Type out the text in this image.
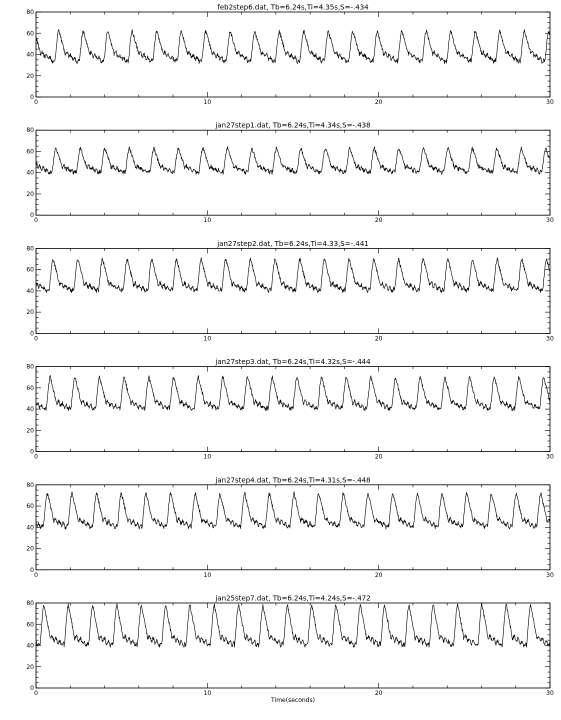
feb2step6.dat, Tb=6.24s,Ti=4.35s,S=-.434
0
20
40
60
80
0	10	20	30
jan27step1.dat, Tb=6.24s,Ti=4.34s,S=-.438
0
20
40
60
80
0	10	20	30
jan27step2.dat, Tb=6.24s,Ti=4.33,S=-.441
0
20
40
60
80
0	10	20	30
jan27step3.dat, Tb=6.24s,Ti=4.32s,S=-.444
0
20
40
60
80
0	10	20	30
jan27step4.dat, Tb=6.24s,Ti=4.31s,S=-.448
0
20
40
60
80
0	10	20	30
jan25step7.dat, Tb=6.24s,Ti=4.24s,S=-.472
0
20
40
60
80
0	10	20	30
Time(seconds)
